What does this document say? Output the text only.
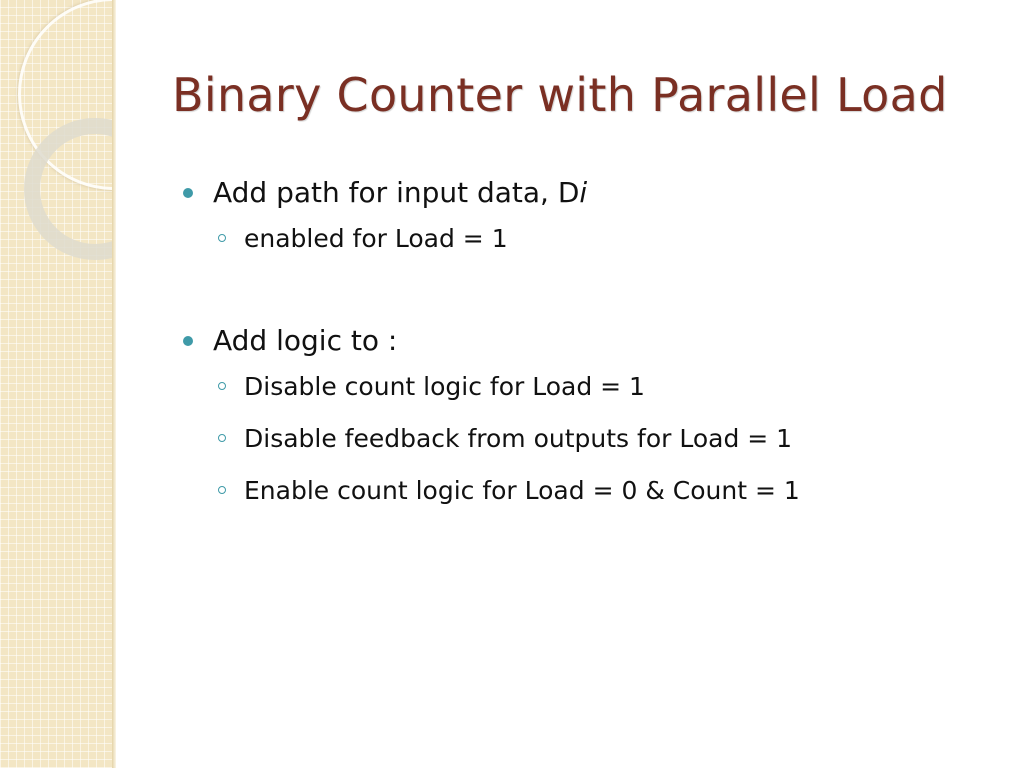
Binary Counter with Parallel Load
Add path for input data, Di
enabled for Load = 1
Add logic to :
Disable count logic for Load = 1
Disable feedback from outputs for Load = 1
Enable count logic for Load = 0 & Count = 1
